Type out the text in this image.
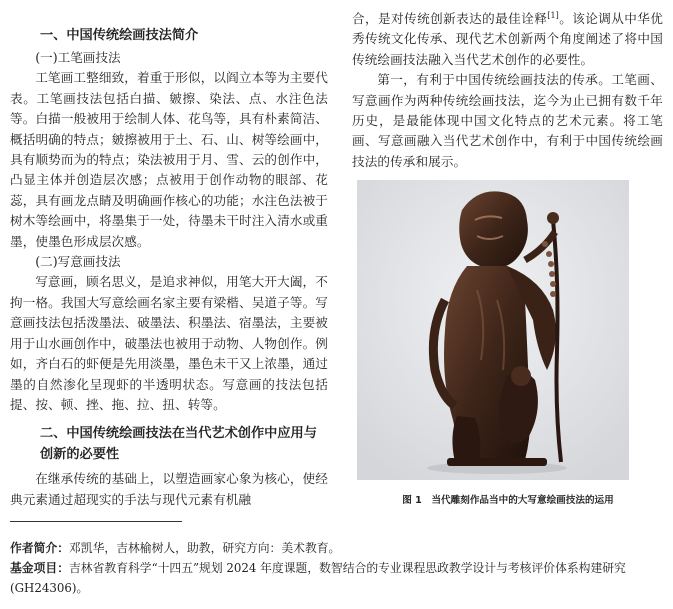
一、中国传统绘画技法简介

(一)工笔画技法

工笔画工整细致，着重于形似，以阎立本等为主要代表。工笔画技法包括白描、皴擦、染法、点、水注色法等。白描一般被用于绘制人体、花鸟等，具有朴素简洁、概括明确的特点；皴擦被用于土、石、山、树等绘画中，具有顺势而为的特点；染法被用于月、雪、云的创作中，凸显主体并创造层次感；点被用于创作动物的眼部、花蕊，具有画龙点睛及明确画作核心的功能；水注色法被于树木等绘画中，将墨集于一处，待墨未干时注入清水或重墨，使墨色形成层次感。

(二)写意画技法

写意画，顾名思义，是追求神似，用笔大开大阖，不拘一格。我国大写意绘画名家主要有梁楷、吴道子等。写意画技法包括泼墨法、破墨法、积墨法、宿墨法，主要被用于山水画创作中，破墨法也被用于动物、人物创作。例如，齐白石的虾便是先用淡墨，墨色未干又上浓墨，通过墨的自然渗化呈现虾的半透明状态。写意画的技法包括提、按、顿、挫、拖、拉、扭、转等。

二、中国传统绘画技法在当代艺术创作中应用与创新的必要性

在继承传统的基础上，以塑造画家心象为核心，使经典元素通过超现实的手法与现代元素有机融

合，是对传统创新表达的最佳诠释[1]。该论调从中华优秀传统文化传承、现代艺术创新两个角度阐述了将中国传统绘画技法融入当代艺术创作的必要性。

第一，有利于中国传统绘画技法的传承。工笔画、写意画作为两种传统绘画技法，迄今为止已拥有数千年历史，是最能体现中国文化特点的艺术元素。将工笔画、写意画融入当代艺术创作中，有利于中国传统绘画技法的传承和展示。

图 1　当代雕刻作品当中的大写意绘画技法的运用

作者简介：邓凯华，吉林榆树人，助教，研究方向：美术教育。

基金项目：吉林省教育科学“十四五”规划 2024 年度课题，数智结合的专业课程思政教学设计与考核评价体系构建研究(GH24306)。
